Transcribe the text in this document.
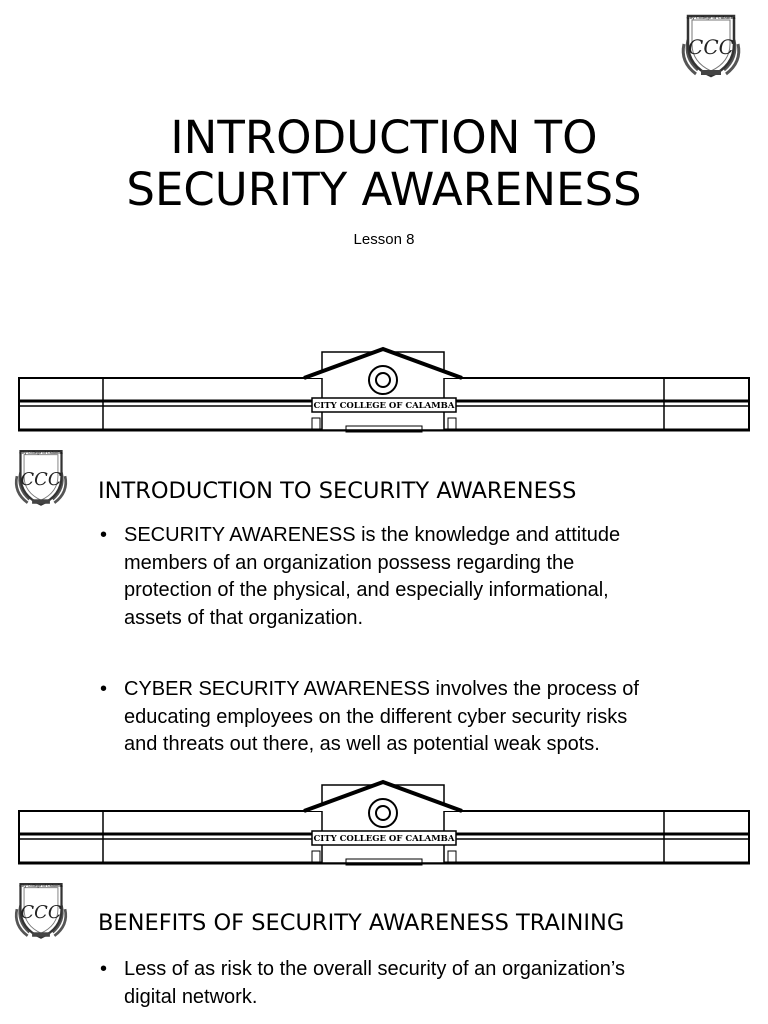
City College of Calamba
CCC
INTRODUCTION TO
SECURITY AWARENESS
Lesson 8
CITY COLLEGE OF CALAMBA
City College of Calamba
CCC INTRODUCTION TO SECURITY AWARENESS
• SECURITY AWARENESS is the knowledge and attitude
members of an organization possess regarding the
protection of the physical, and especially informational,
assets of that organization.
• CYBER SECURITY AWARENESS involves the process of
educating employees on the different cyber security risks
and threats out there, as well as potential weak spots.
CITY COLLEGE OF CALAMBA
City College of Calamba
CCC BENEFITS OF SECURITY AWARENESS TRAINING
• Less of as risk to the overall security of an organization’s
digital network.
